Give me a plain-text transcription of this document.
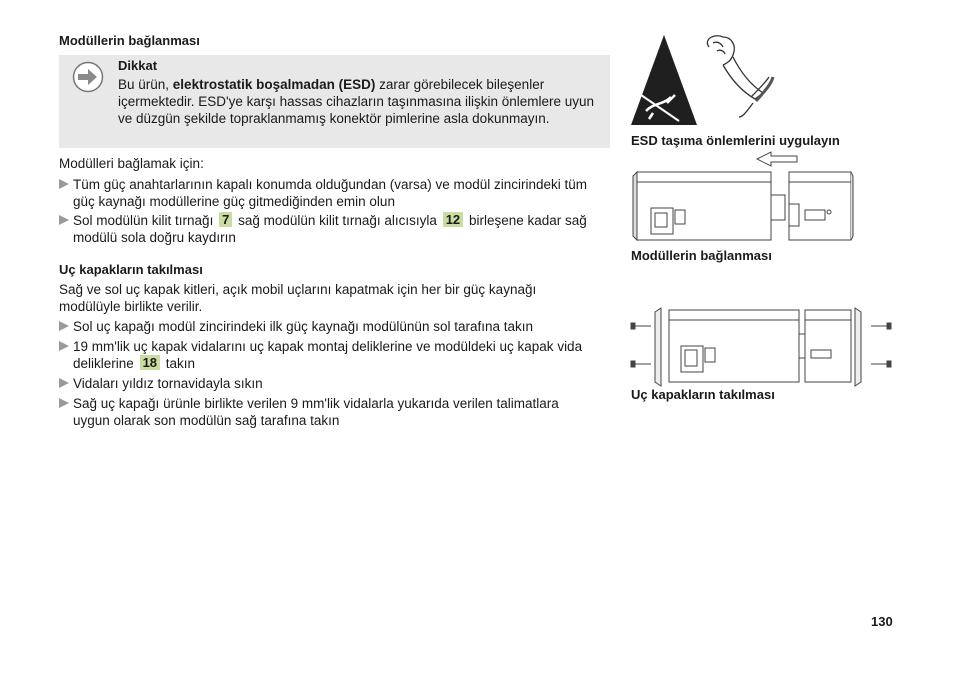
Modüllerin bağlanması
Dikkat
Bu ürün, elektrostatik boşalmadan (ESD) zarar görebilecek bileşenler içermektedir. ESD'ye karşı hassas cihazların taşınmasına ilişkin önlemlere uyun ve düzgün şekilde topraklanmamış konektör pimlerine asla dokunmayın.
Modülleri bağlamak için:
Tüm güç anahtarlarının kapalı konumda olduğundan (varsa) ve modül zincirindeki tüm güç kaynağı modüllerine güç gitmediğinden emin olun
Sol modülün kilit tırnağı 7 sağ modülün kilit tırnağı alıcısıyla 12 birleşene kadar sağ modülü sola doğru kaydırın
Uç kapakların takılması
Sağ ve sol uç kapak kitleri, açık mobil uçlarını kapatmak için her bir güç kaynağı modülüyle birlikte verilir.
Sol uç kapağı modül zincirindeki ilk güç kaynağı modülünün sol tarafına takın
19 mm'lik uç kapak vidalarını uç kapak montaj deliklerine ve modüldeki uç kapak vida deliklerine 18 takın
Vidaları yıldız tornavidayla sıkın
Sağ uç kapağı ürünle birlikte verilen 9 mm'lik vidalarla yukarıda verilen talimatlara uygun olarak son modülün sağ tarafına takın
ESD taşıma önlemlerini uygulayın
Modüllerin bağlanması
Uç kapakların takılması
130
